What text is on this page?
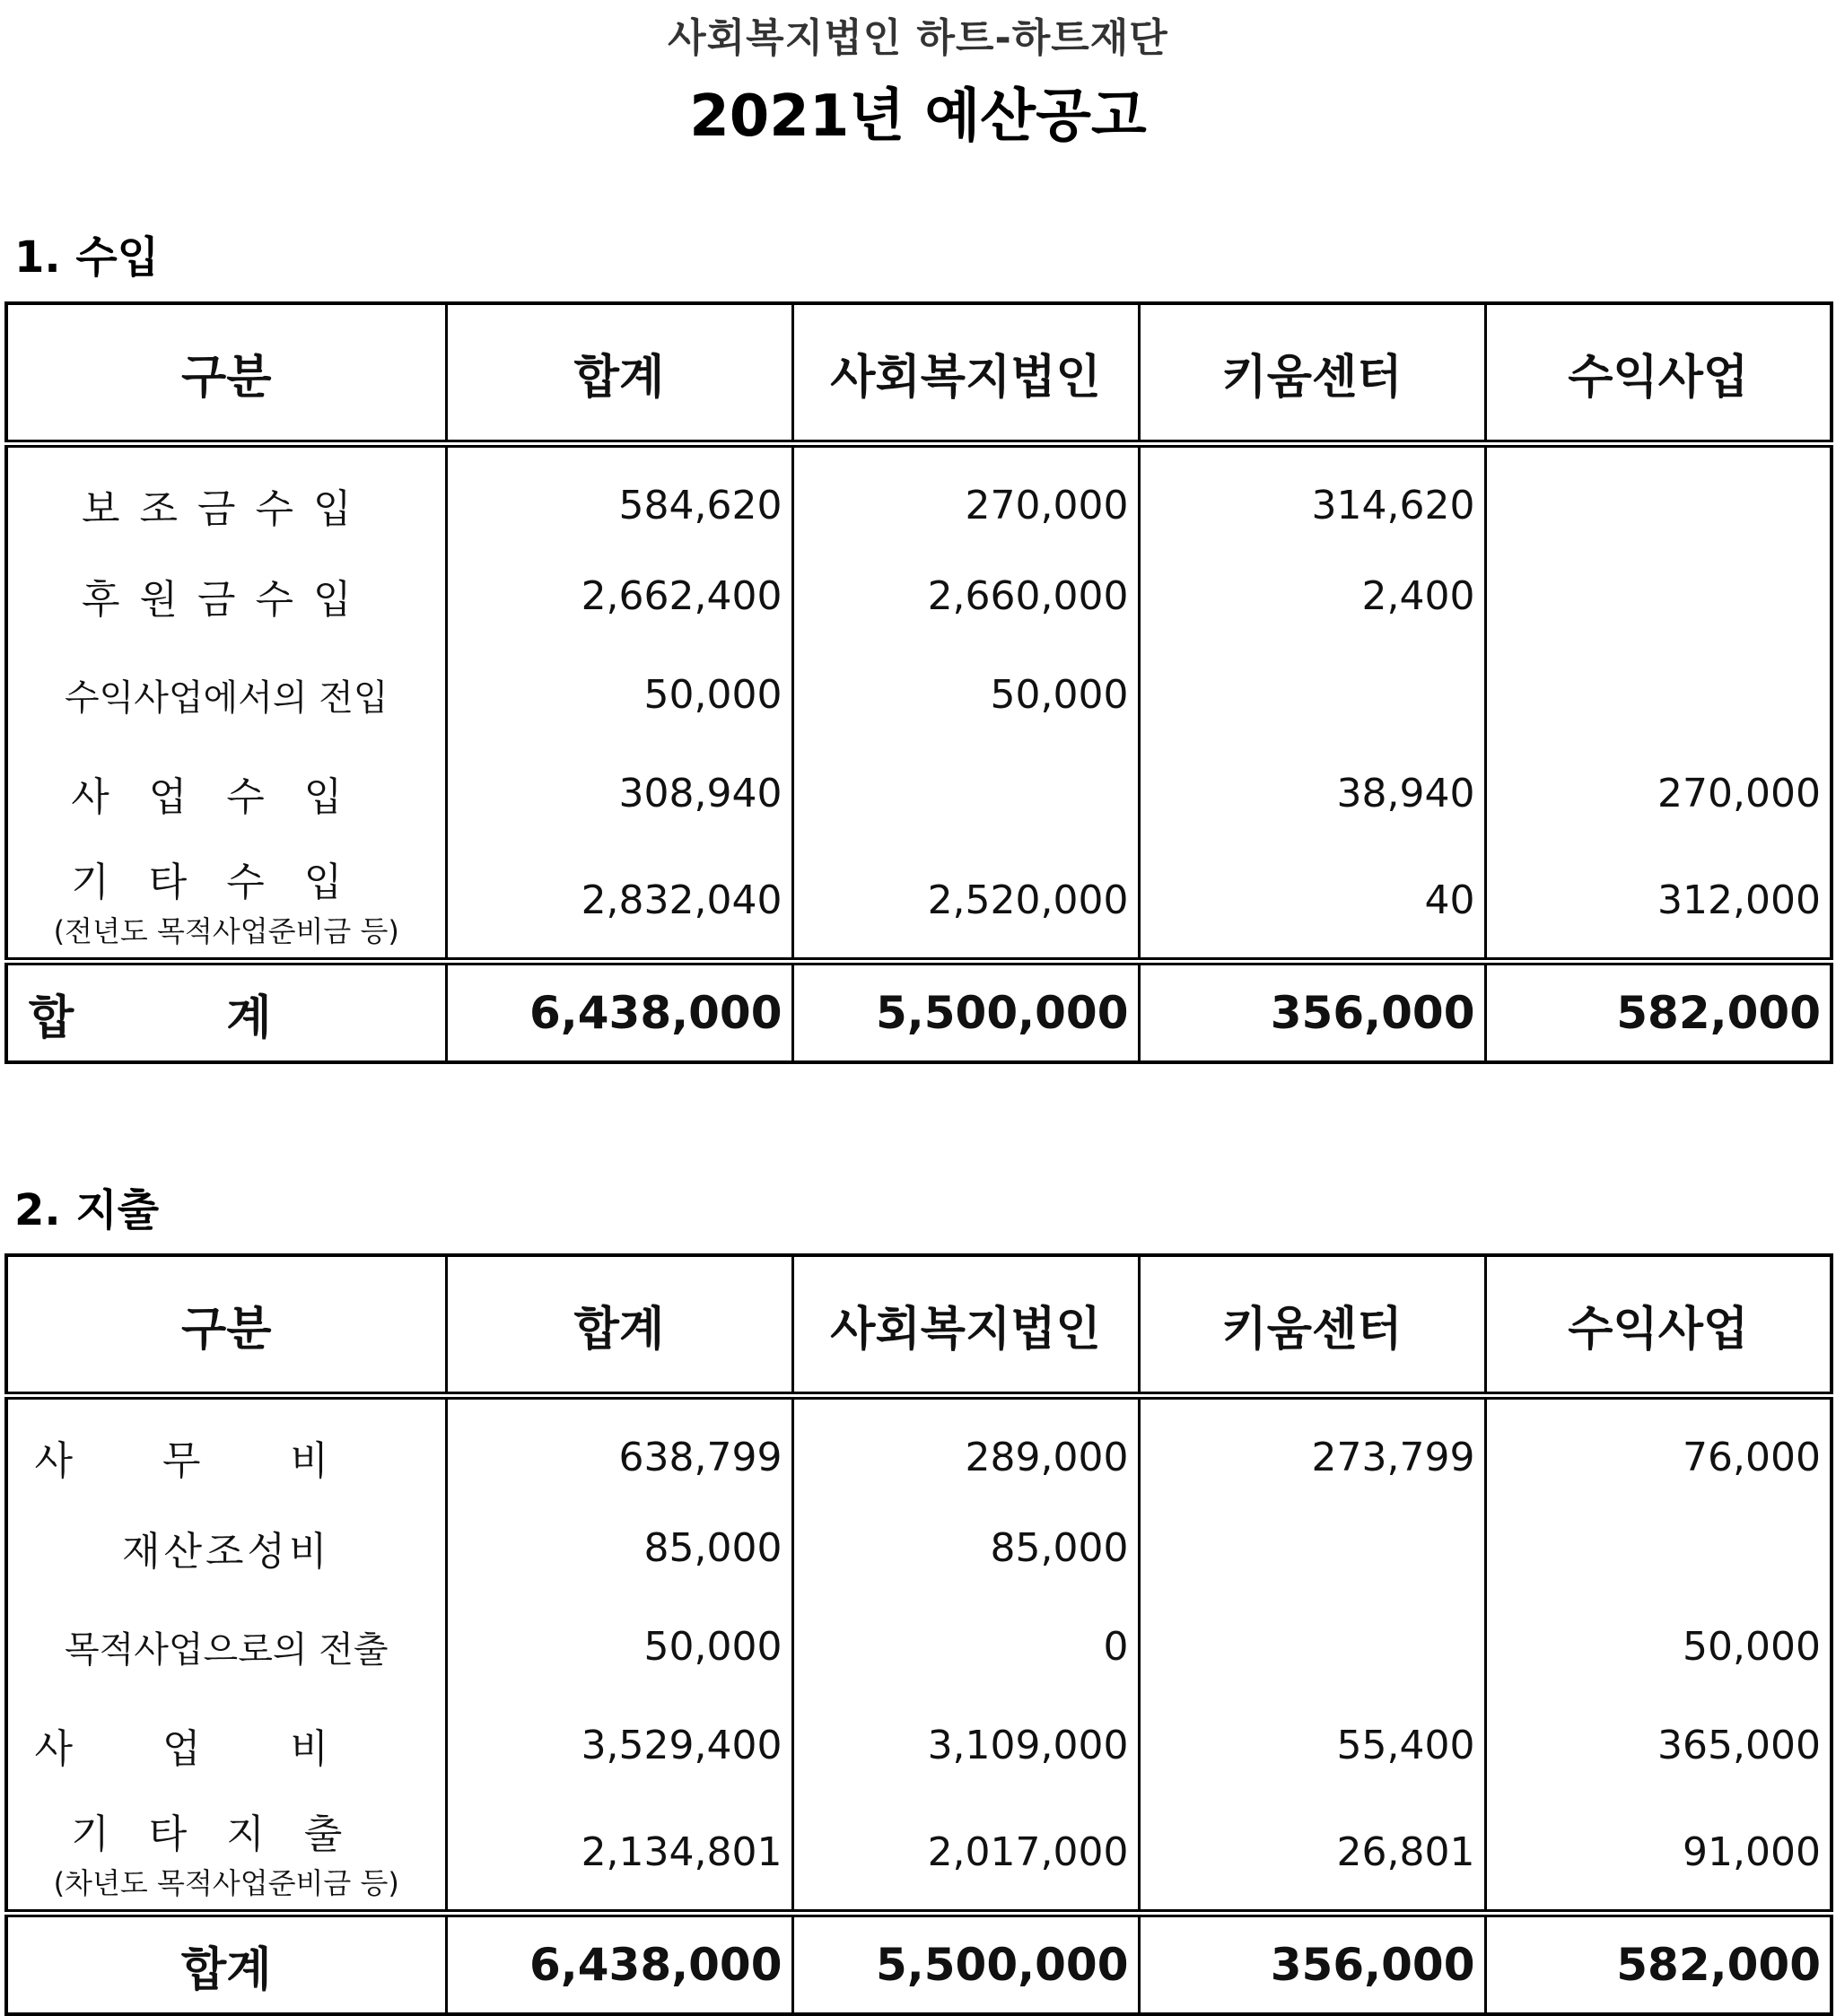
사회복지법인 하트-하트재단
2021년 예산공고
1. 수입
구분	합계	사회복지법인	키움센터	수익사업
보조금수입	584,620	270,000	314,620	
후원금수입	2,662,400	2,660,000	2,400	
수익사업에서의 전입	50,000	50,000		
사업수입	308,940		38,940	270,000

기타수입
(전년도 목적사업준비금 등)	2,832,040	2,520,000	40	312,000
합계	6,438,000	5,500,000	356,000	582,000
2. 지출
구분	합계	사회복지법인	키움센터	수익사업
사무비	638,799	289,000	273,799	76,000
재산조성비	85,000	85,000		
목적사업으로의 전출	50,000	0		50,000
사업비	3,529,400	3,109,000	55,400	365,000

기타지출
(차년도 목적사업준비금 등)	2,134,801	2,017,000	26,801	91,000
합계	6,438,000	5,500,000	356,000	582,000
